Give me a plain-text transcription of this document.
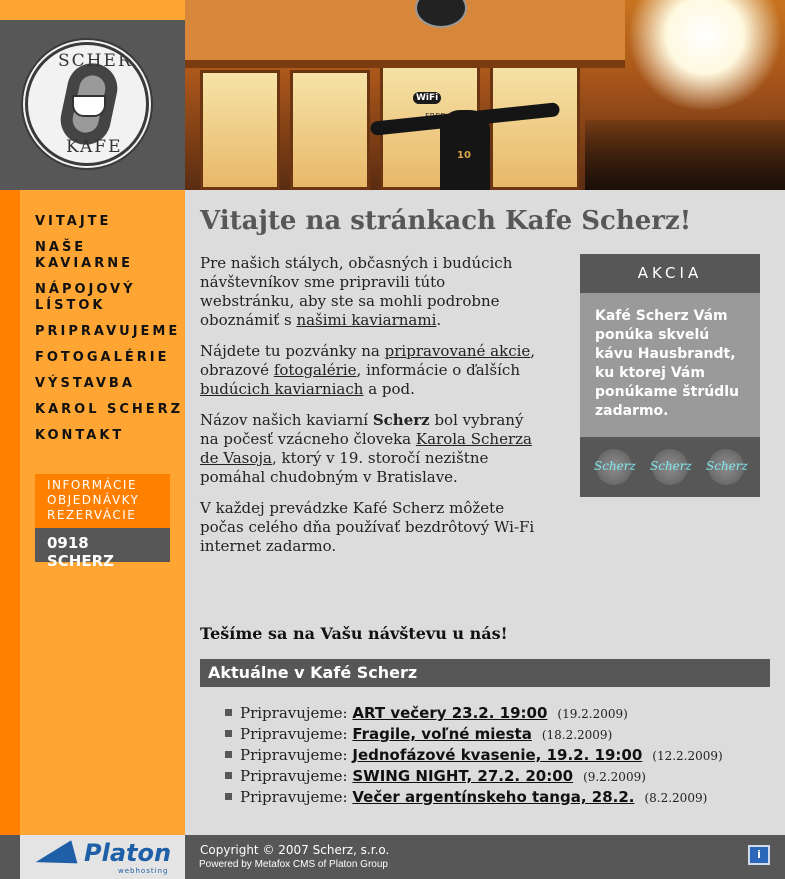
SCHERZ
KAFE
VITAJTE
NAŠE KAVIARNE
NÁPOJOVÝ LÍSTOK
PRIPRAVUJEME
FOTOGALÉRIE
VÝSTAVBA
KAROL SCHERZ
KONTAKT
INFORMÁCIE
OBJEDNÁVKY
REZERVÁCIE
0918 SCHERZ
WiFi
10
Vitajte na stránkach Kafe Scherz!

Pre našich stálych, občasných i budúcich návštevníkov sme pripravili túto webstránku, aby ste sa mohli podrobne oboznámiť s našimi kaviarnami.

Nájdete tu pozvánky na pripravované akcie, obrazové fotogalérie, informácie o ďalších budúcich kaviarniach a pod.

Názov našich kaviarní Scherz bol vybraný na počesť vzácneho človeka Karola Scherza de Vasoja, ktorý v 19. storočí nezištne pomáhal chudobným v Bratislave.

V každej prevádzke Kafé Scherz môžete počas celého dňa používať bezdrôtový Wi-Fi internet zadarmo.

Tešíme sa na Vašu návštevu u nás!
AKCIA
Kafé Scherz Vám ponúka skvelú kávu Hausbrandt, ku ktorej Vám ponúkame štrúdlu zadarmo.
Scherz Scherz Scherz
Aktuálne v Kafé Scherz
Pripravujeme: ART večery 23.2. 19:00 (19.2.2009)
Pripravujeme: Fragile, voľné miesta (18.2.2009)
Pripravujeme: Jednofázové kvasenie, 19.2. 19:00 (12.2.2009)
Pripravujeme: SWING NIGHT, 27.2. 20:00 (9.2.2009)
Pripravujeme: Večer argentínskeho tanga, 28.2. (8.2.2009)
Platon
webhosting
Copyright © 2007 Scherz, s.r.o.
Powered by Metafox CMS of Platon Group
i
